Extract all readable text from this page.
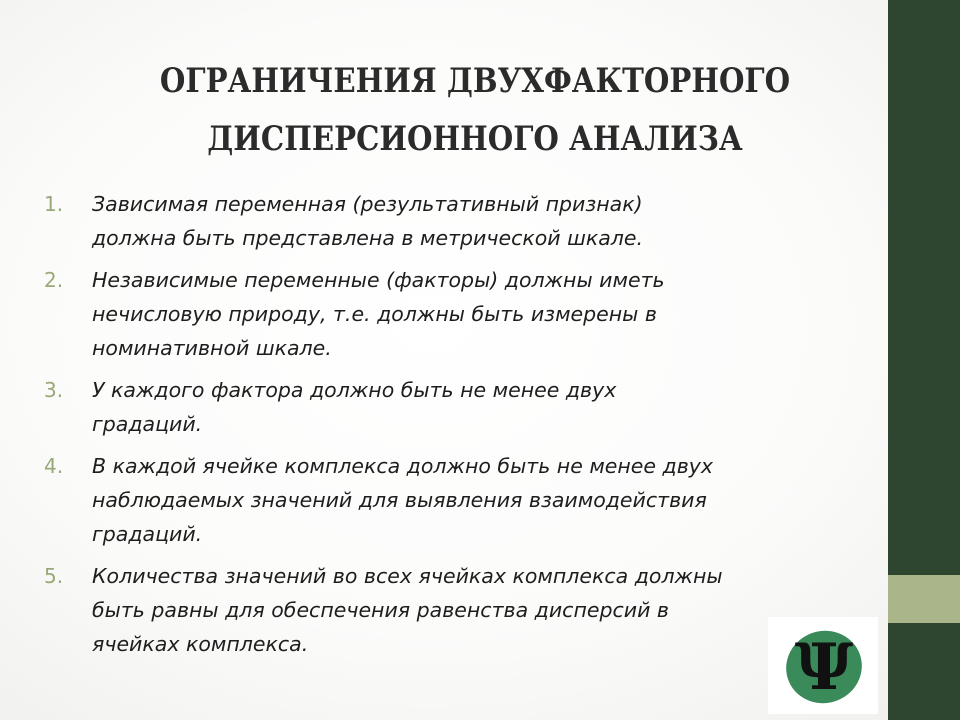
ОГРАНИЧЕНИЯ ДВУХФАКТОРНОГО
ДИСПЕРСИОННОГО АНАЛИЗА
1.	Зависимая переменная (результативный признак)
должна быть представлена в метрической шкале.
2.	Независимые переменные (факторы) должны иметь
нечисловую природу, т.е. должны быть измерены в
номинативной шкале.
3.	У каждого фактора должно быть не менее двух
градаций.
4.	В каждой ячейке комплекса должно быть не менее двух
наблюдаемых значений для выявления взаимодействия
градаций.
5.	Количества значений во всех ячейках комплекса должны
быть равны для обеспечения равенства дисперсий в
ячейках комплекса.	Ψ
